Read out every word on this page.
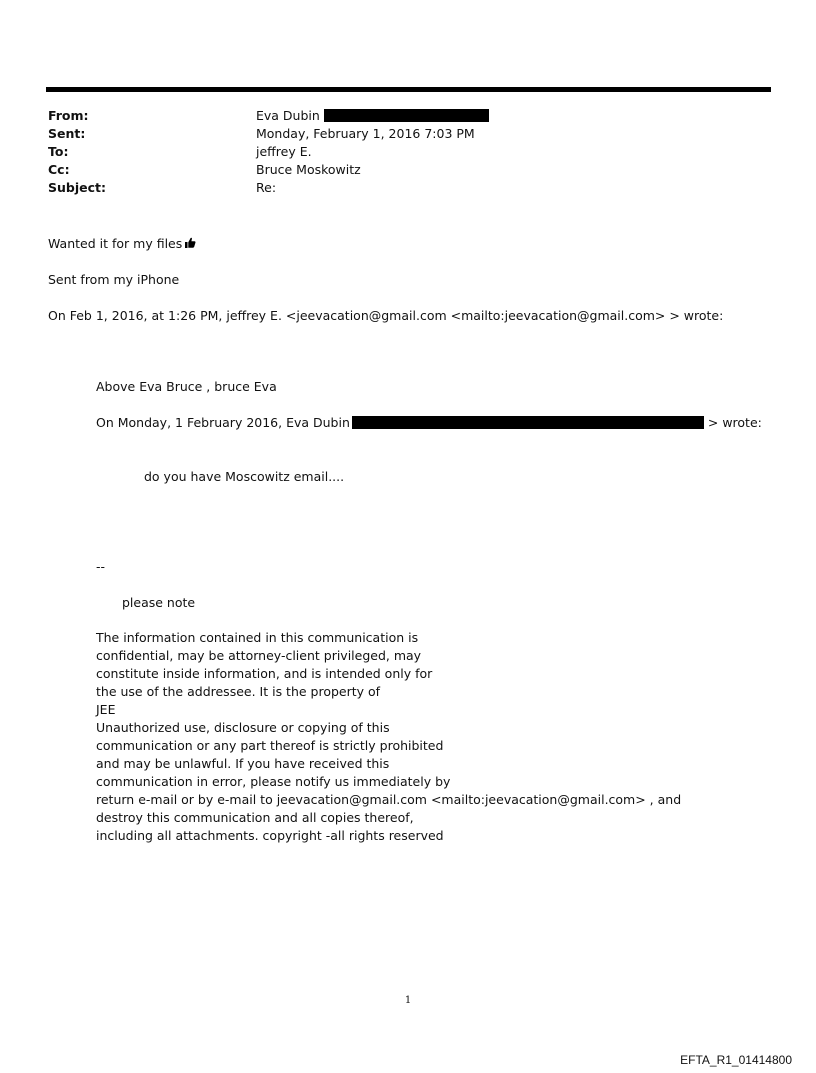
From:	Eva Dubin
Sent:	Monday, February 1, 2016 7:03 PM
To:	jeffrey E.
Cc:	Bruce Moskowitz
Subject:	Re:
Wanted it for my files
Sent from my iPhone
On Feb 1, 2016, at 1:26 PM, jeffrey E. <jeevacation@gmail.com <mailto:jeevacation@gmail.com> > wrote:
Above Eva Bruce , bruce Eva
On Monday, 1 February 2016, Eva Dubin	> wrote:
do you have Moscowitz email....
--
please note
The information contained in this communication is
confidential, may be attorney-client privileged, may
constitute inside information, and is intended only for
the use of the addressee. It is the property of
JEE
Unauthorized use, disclosure or copying of this
communication or any part thereof is strictly prohibited
and may be unlawful. If you have received this
communication in error, please notify us immediately by
return e-mail or by e-mail to jeevacation@gmail.com <mailto:jeevacation@gmail.com> , and
destroy this communication and all copies thereof,
including all attachments. copyright -all rights reserved
1
EFTA_R1_01414800
